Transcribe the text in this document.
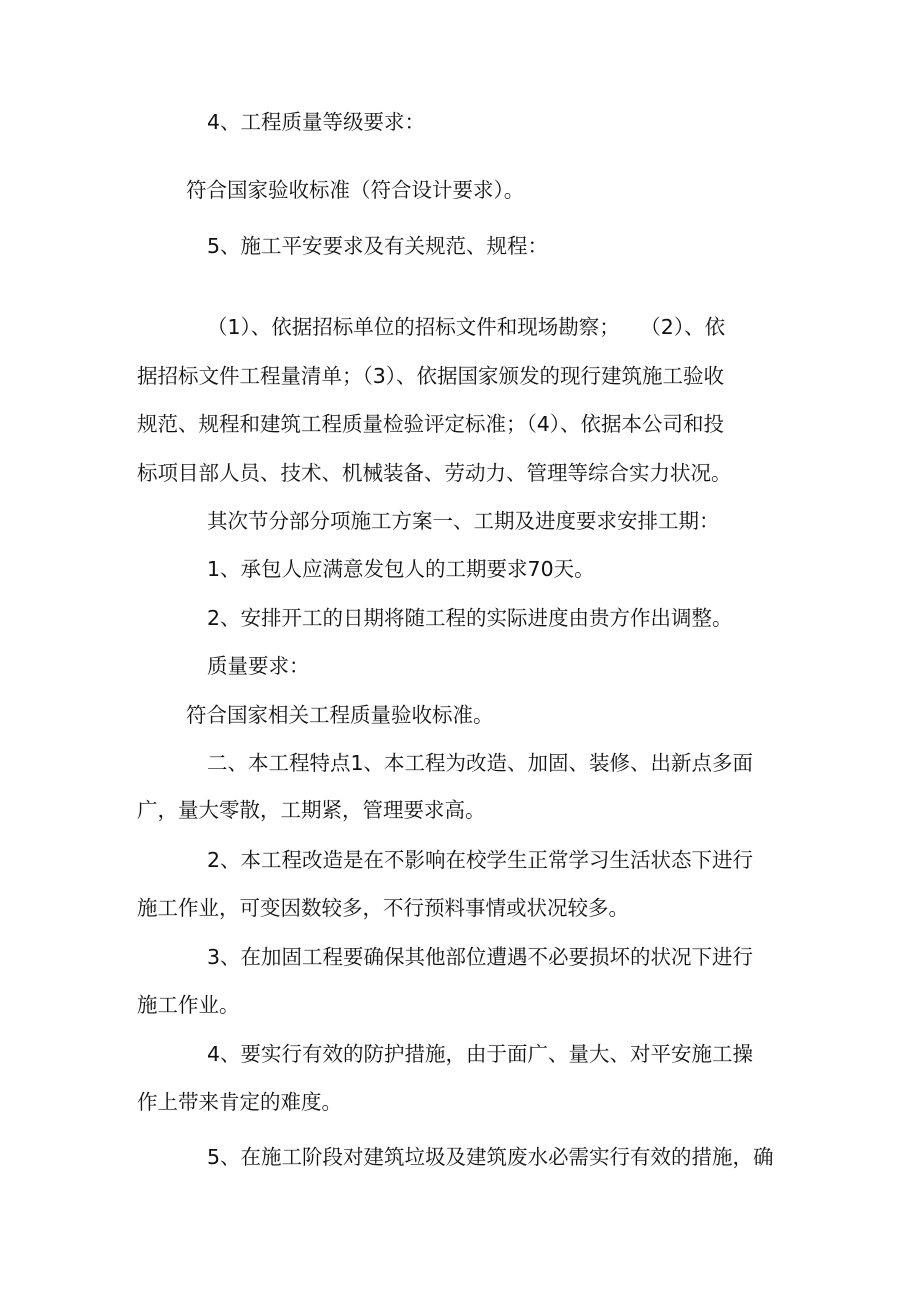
4、工程质量等级要求：
符合国家验收标准（符合设计要求）。
5、施工平安要求及有关规范、规程：
（1）、依据招标单位的招标文件和现场勘察；　　（2）、依
据招标文件工程量清单；（3）、依据国家颁发的现行建筑施工验收
规范、规程和建筑工程质量检验评定标准；（4）、依据本公司和投
标项目部人员、技术、机械装备、劳动力、管理等综合实力状况。
其次节分部分项施工方案一、工期及进度要求安排工期：
1、承包人应满意发包人的工期要求70天。
2、安排开工的日期将随工程的实际进度由贵方作出调整。
质量要求：
符合国家相关工程质量验收标准。
二、本工程特点1、本工程为改造、加固、装修、出新点多面
广，量大零散，工期紧，管理要求高。
2、本工程改造是在不影响在校学生正常学习生活状态下进行
施工作业，可变因数较多，不行预料事情或状况较多。
3、在加固工程要确保其他部位遭遇不必要损坏的状况下进行
施工作业。
4、要实行有效的防护措施，由于面广、量大、对平安施工操
作上带来肯定的难度。
5、在施工阶段对建筑垃圾及建筑废水必需实行有效的措施，确
